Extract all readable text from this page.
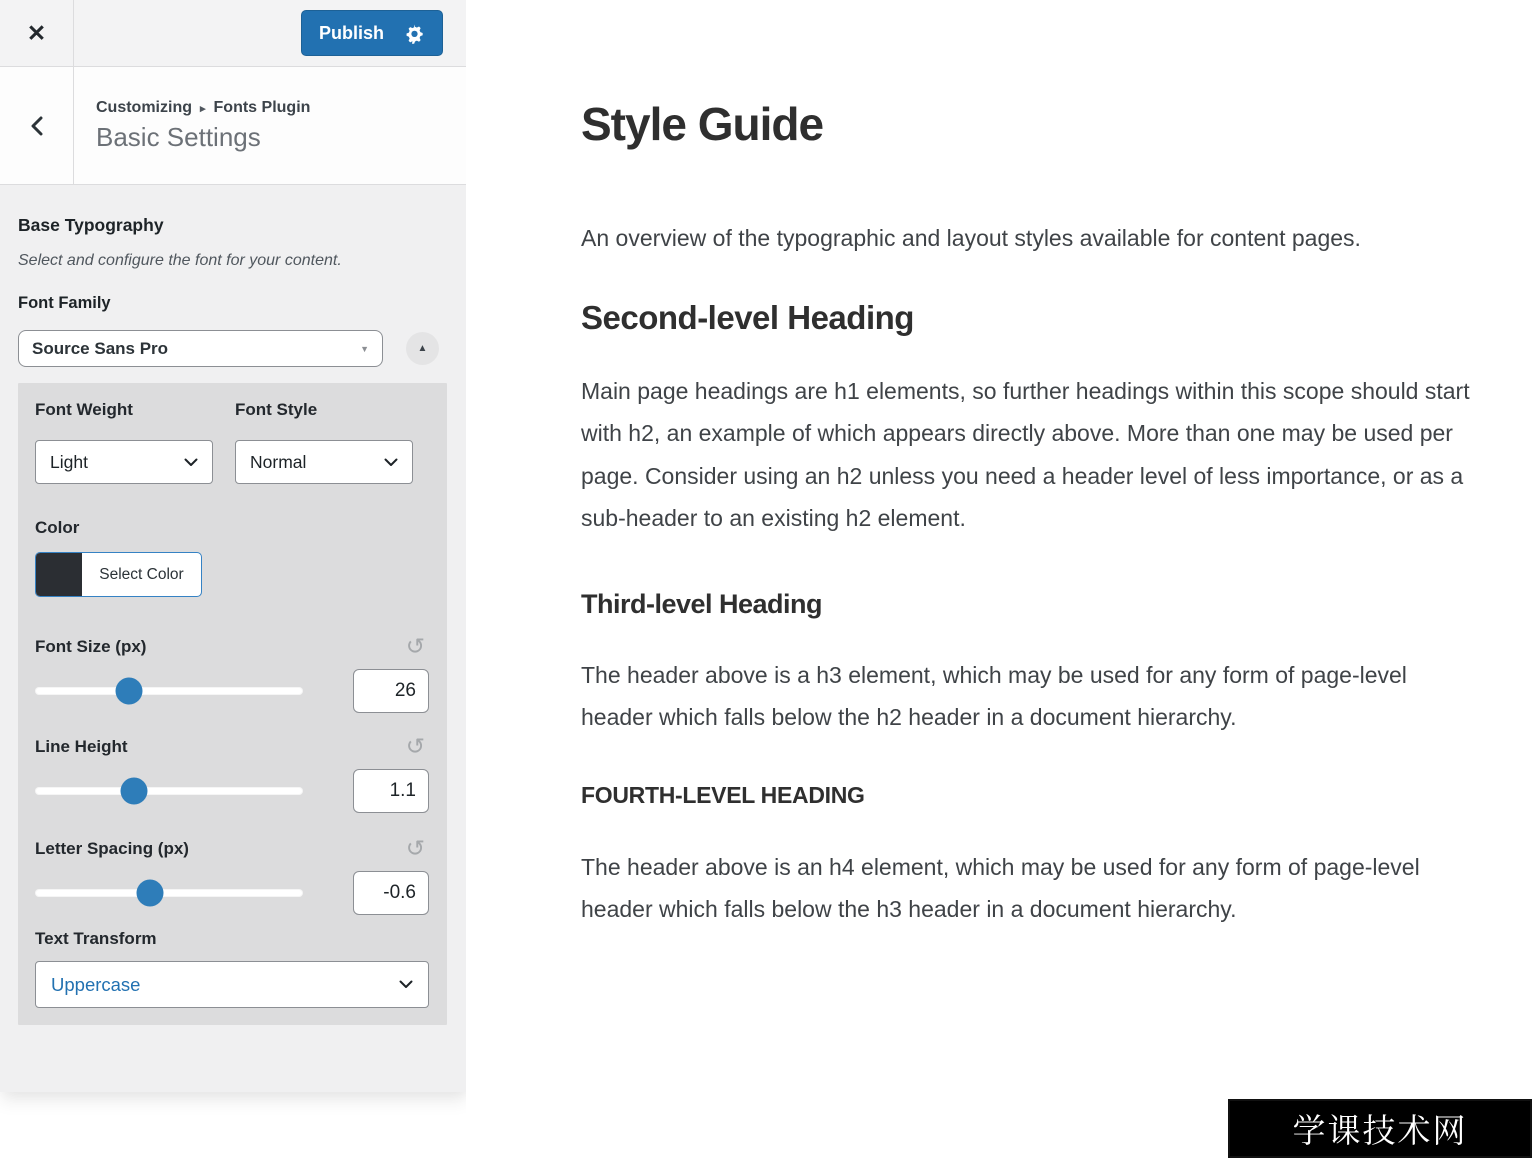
✕	Publish
Customizing ▸ Fonts Plugin
Basic Settings
Base Typography
Select and configure the font for your content.
Font Family
Source Sans Pro	▼	▲
Font Weight
Light
Font Style
Normal
Color
Select Color
Font Size (px)	↺
26
Line Height	↺
1.1
Letter Spacing (px)	↺
-0.6
Text Transform
Uppercase
Style Guide

An overview of the typographic and layout styles available for content pages.

Second-level Heading

Main page headings are h1 elements, so further headings within this scope should start with h2, an example of which appears directly above. More than one may be used per page. Consider using an h2 unless you need a header level of less importance, or as a sub-header to an existing h2 element.

Third-level Heading

The header above is a h3 element, which may be used for any form of page-level header which falls below the h2 header in a document hierarchy.

FOURTH-LEVEL HEADING

The header above is an h4 element, which may be used for any form of page-level header which falls below the h3 header in a document hierarchy.

学课技术网
